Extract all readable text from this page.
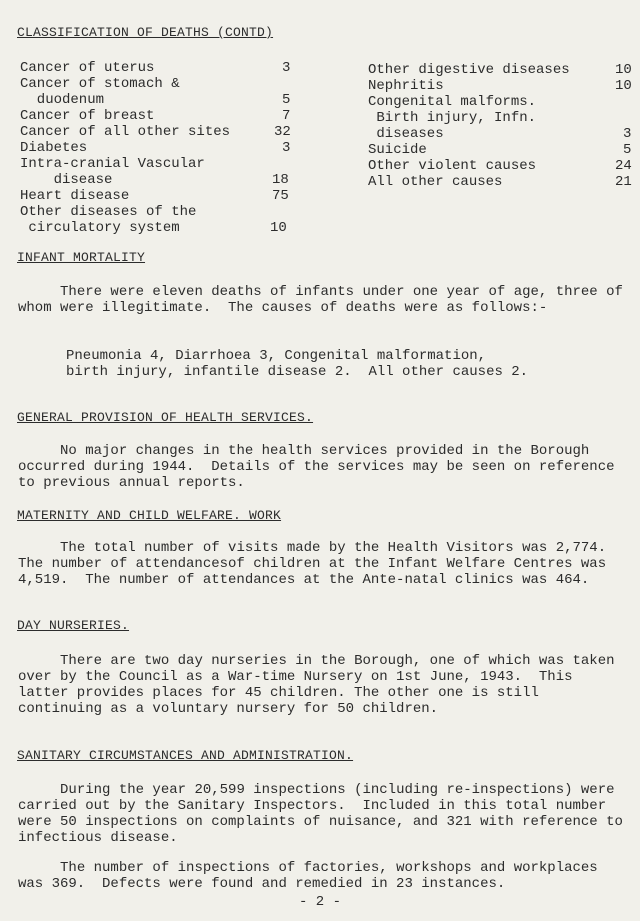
CLASSIFICATION OF DEATHS (CONTD)
Cancer of uterus	3
Cancer of stomach &
duodenum	5
Cancer of breast	7
Cancer of all other sites	32
Diabetes	3
Intra-cranial Vascular
disease	18
Heart disease	75
Other diseases of the
circulatory system	10
Other digestive diseases	10
Nephritis	10
Congenital malforms.
Birth injury, Infn.
diseases	3
Suicide	5
Other violent causes	24
All other causes	21
INFANT MORTALITY
There were eleven deaths of infants under one year of age, three of whom were illegitimate.  The causes of deaths were as follows:-
Pneumonia 4, Diarrhoea 3, Congenital malformation, birth injury, infantile disease 2.  All other causes 2.
GENERAL PROVISION OF HEALTH SERVICES.
No major changes in the health services provided in the Borough occurred during 1944.  Details of the services may be seen on reference to previous annual reports.
MATERNITY AND CHILD WELFARE. WORK
The total number of visits made by the Health Visitors was 2,774.  The number of attendancesof children at the Infant Welfare Centres was 4,519.  The number of attendances at the Ante-natal clinics was 464.
DAY NURSERIES.
There are two day nurseries in the Borough, one of which was taken over by the Council as a War-time Nursery on 1st June, 1943.  This latter provides places for 45 children. The other one is still continuing as a voluntary nursery for 50 children.
SANITARY CIRCUMSTANCES AND ADMINISTRATION.
During the year 20,599 inspections (including re-inspections) were carried out by the Sanitary Inspectors.  Included in this total number were 50 inspections on complaints of nuisance, and 321 with reference to infectious disease.
The number of inspections of factories, workshops and workplaces was 369.  Defects were found and remedied in 23 instances.
- 2 -
